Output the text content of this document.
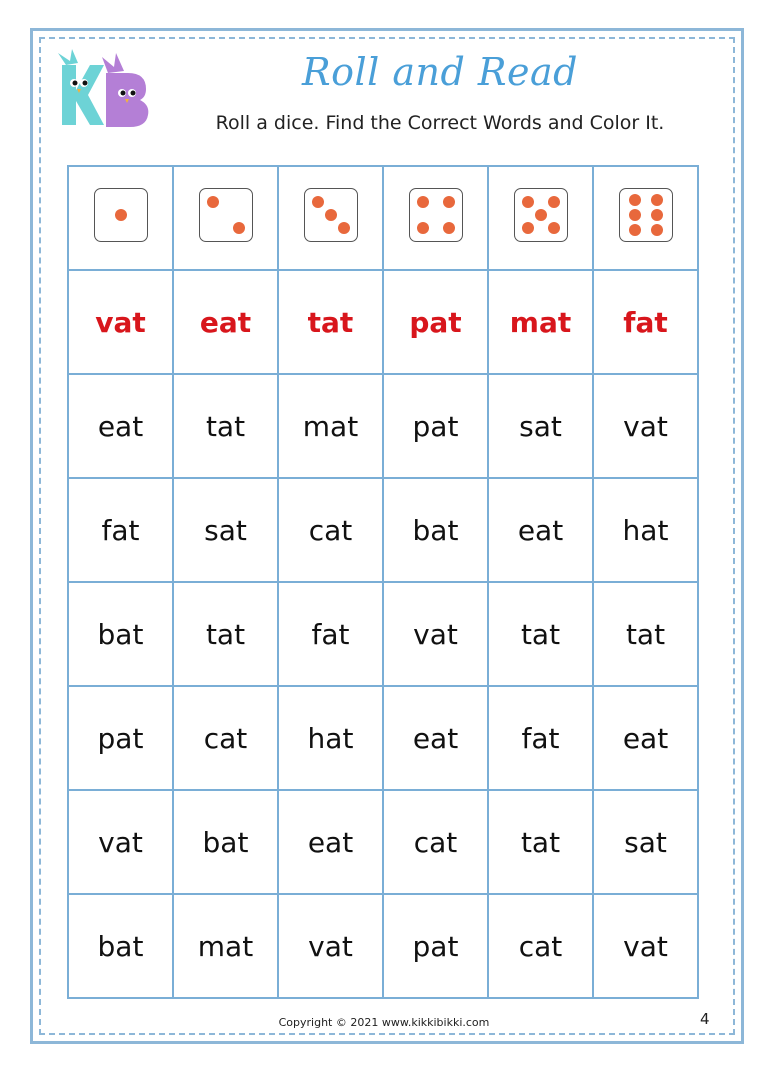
Roll and Read
Roll a dice. Find the Correct Words and Color It.

vat	eat	tat	pat	mat	fat
eat	tat	mat	pat	sat	vat
fat	sat	cat	bat	eat	hat
bat	tat	fat	vat	tat	tat
pat	cat	hat	eat	fat	eat
vat	bat	eat	cat	tat	sat
bat	mat	vat	pat	cat	vat
Copyright © 2021 www.kikkibikki.com	4
